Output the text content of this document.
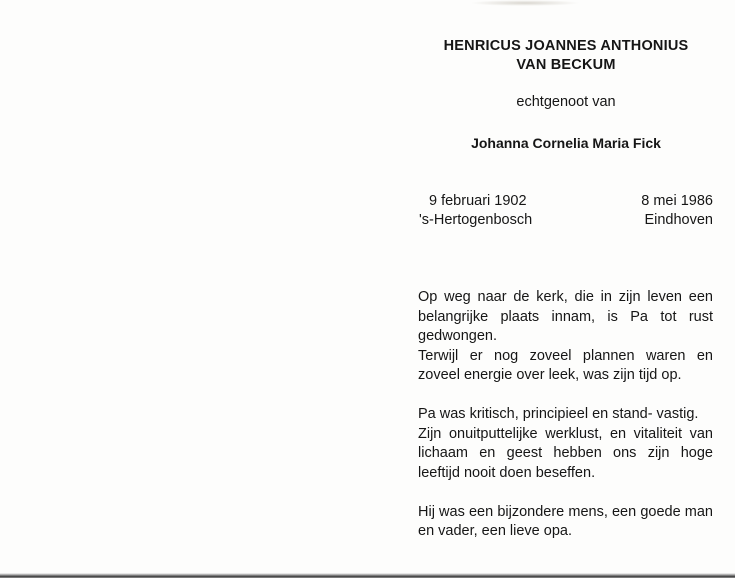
HENRICUS JOANNES ANTHONIUS
VAN BECKUM
echtgenoot van
Johanna Cornelia Maria Fick
9 februari 1902
's-Hertogenbosch
8 mei 1986
Eindhoven

Op weg naar de kerk, die in zijn leven een belangrijke plaats innam, is Pa tot rust gedwongen.

Terwijl er nog zoveel plannen waren en zoveel energie over leek, was zijn tijd op.

Pa was kritisch, principieel en stand- vastig.

Zijn onuitputtelijke werklust, en vitaliteit van lichaam en geest hebben ons zijn hoge leeftijd nooit doen beseffen.

Hij was een bijzondere mens, een goede man en vader, een lieve opa.
